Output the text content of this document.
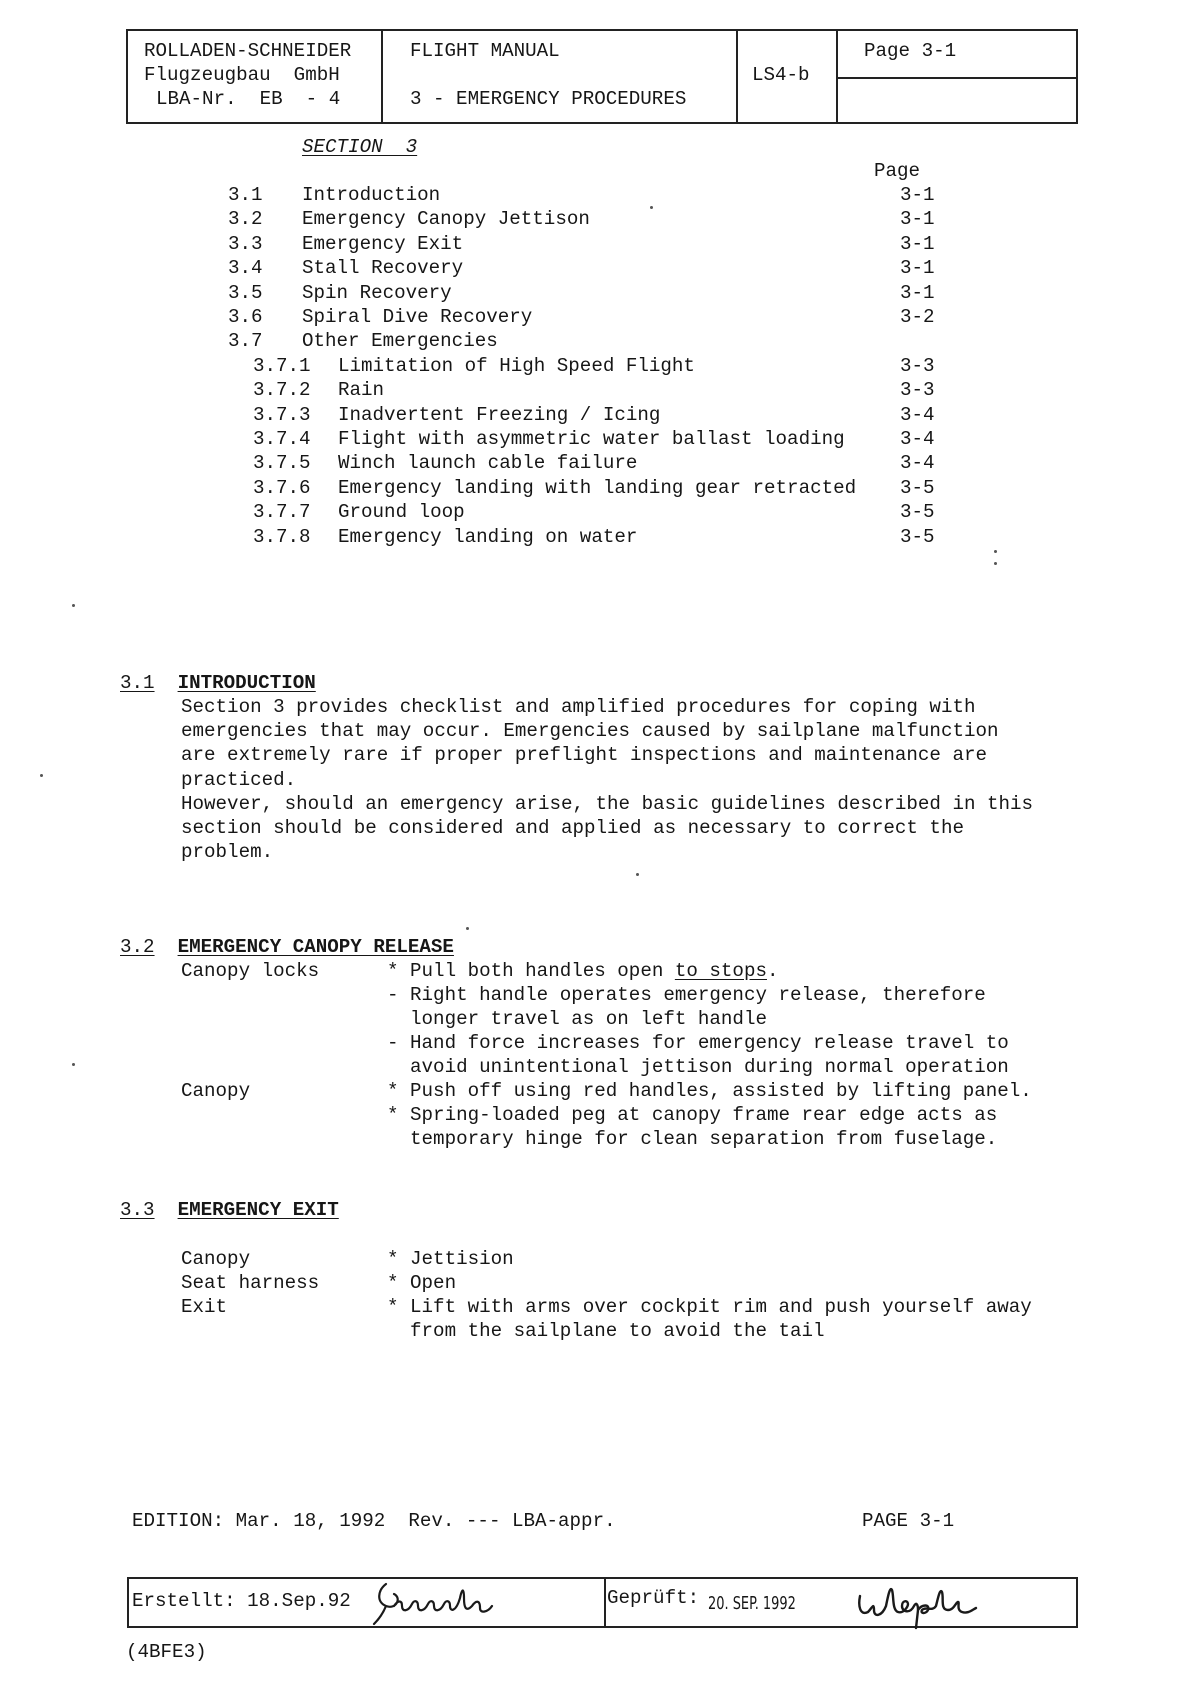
ROLLADEN-SCHNEIDER
Flugzeugbau  GmbH
LBA-Nr.  EB  - 4
FLIGHT MANUAL
3 - EMERGENCY PROCEDURES
LS4-b
Page 3-1
SECTION  3
Page
3.1 Introduction	3-1
3.2 Emergency Canopy Jettison	3-1
3.3 Emergency Exit	3-1
3.4 Stall Recovery	3-1
3.5 Spin Recovery	3-1
3.6 Spiral Dive Recovery	3-2
3.7 Other Emergencies
3.7.1 Limitation of High Speed Flight	3-3
3.7.2 Rain	3-3
3.7.3 Inadvertent Freezing / Icing	3-4
3.7.4 Flight with asymmetric water ballast loading	3-4
3.7.5 Winch launch cable failure	3-4
3.7.6 Emergency landing with landing gear retracted 3-5
3.7.7 Ground loop	3-5
3.7.8 Emergency landing on water	3-5
3.1 INTRODUCTION
Section 3 provides checklist and amplified procedures for coping with
emergencies that may occur. Emergencies caused by sailplane malfunction
are extremely rare if proper preflight inspections and maintenance are
practiced.
However, should an emergency arise, the basic guidelines described in this
section should be considered and applied as necessary to correct the
problem.
3.2 EMERGENCY CANOPY RELEASE
Canopy locks	* Pull both handles open to stops.
- Right handle operates emergency release, therefore
longer travel as on left handle
- Hand force increases for emergency release travel to
avoid unintentional jettison during normal operation
Canopy	* Push off using red handles, assisted by lifting panel.
* Spring-loaded peg at canopy frame rear edge acts as
temporary hinge for clean separation from fuselage.
3.3 EMERGENCY EXIT
Canopy	* Jettision
Seat harness	* Open
Exit	* Lift with arms over cockpit rim and push yourself away
from the sailplane to avoid the tail
EDITION: Mar. 18, 1992  Rev. --- LBA-appr.	PAGE 3-1
Erstellt: 18.Sep.92	Geprüft: 20. SEP. 1992
(4BFE3)
